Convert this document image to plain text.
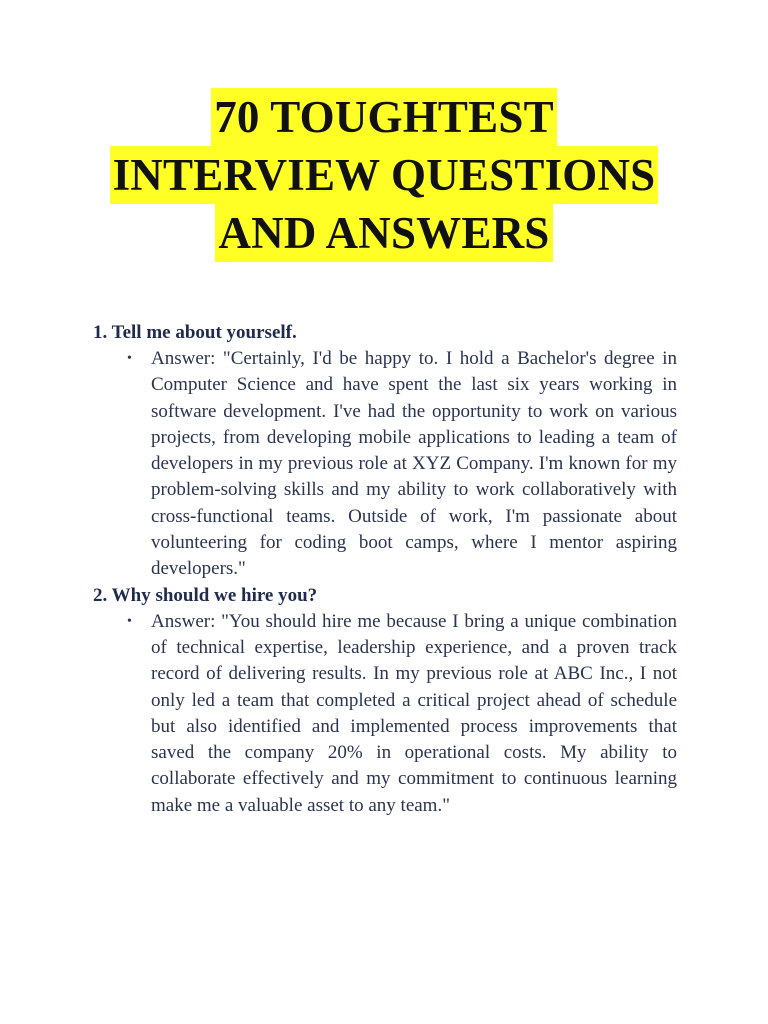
70 TOUGHTEST
INTERVIEW QUESTIONS
AND ANSWERS

1. Tell me about yourself.

•	Answer: "Certainly, I'd be happy to. I hold a Bachelor's degree in Computer Science and have spent the last six years working in software development. I've had the opportunity to work on various projects, from developing mobile applications to leading a team of developers in my previous role at XYZ Company. I'm known for my problem-solving skills and my ability to work collaboratively with cross-functional teams. Outside of work, I'm passionate about volunteering for coding boot camps, where I mentor aspiring developers."

2. Why should we hire you?

•	Answer: "You should hire me because I bring a unique combination of technical expertise, leadership experience, and a proven track record of delivering results. In my previous role at ABC Inc., I not only led a team that completed a critical project ahead of schedule but also identified and implemented process improvements that saved the company 20% in operational costs. My ability to collaborate effectively and my commitment to continuous learning make me a valuable asset to any team."
